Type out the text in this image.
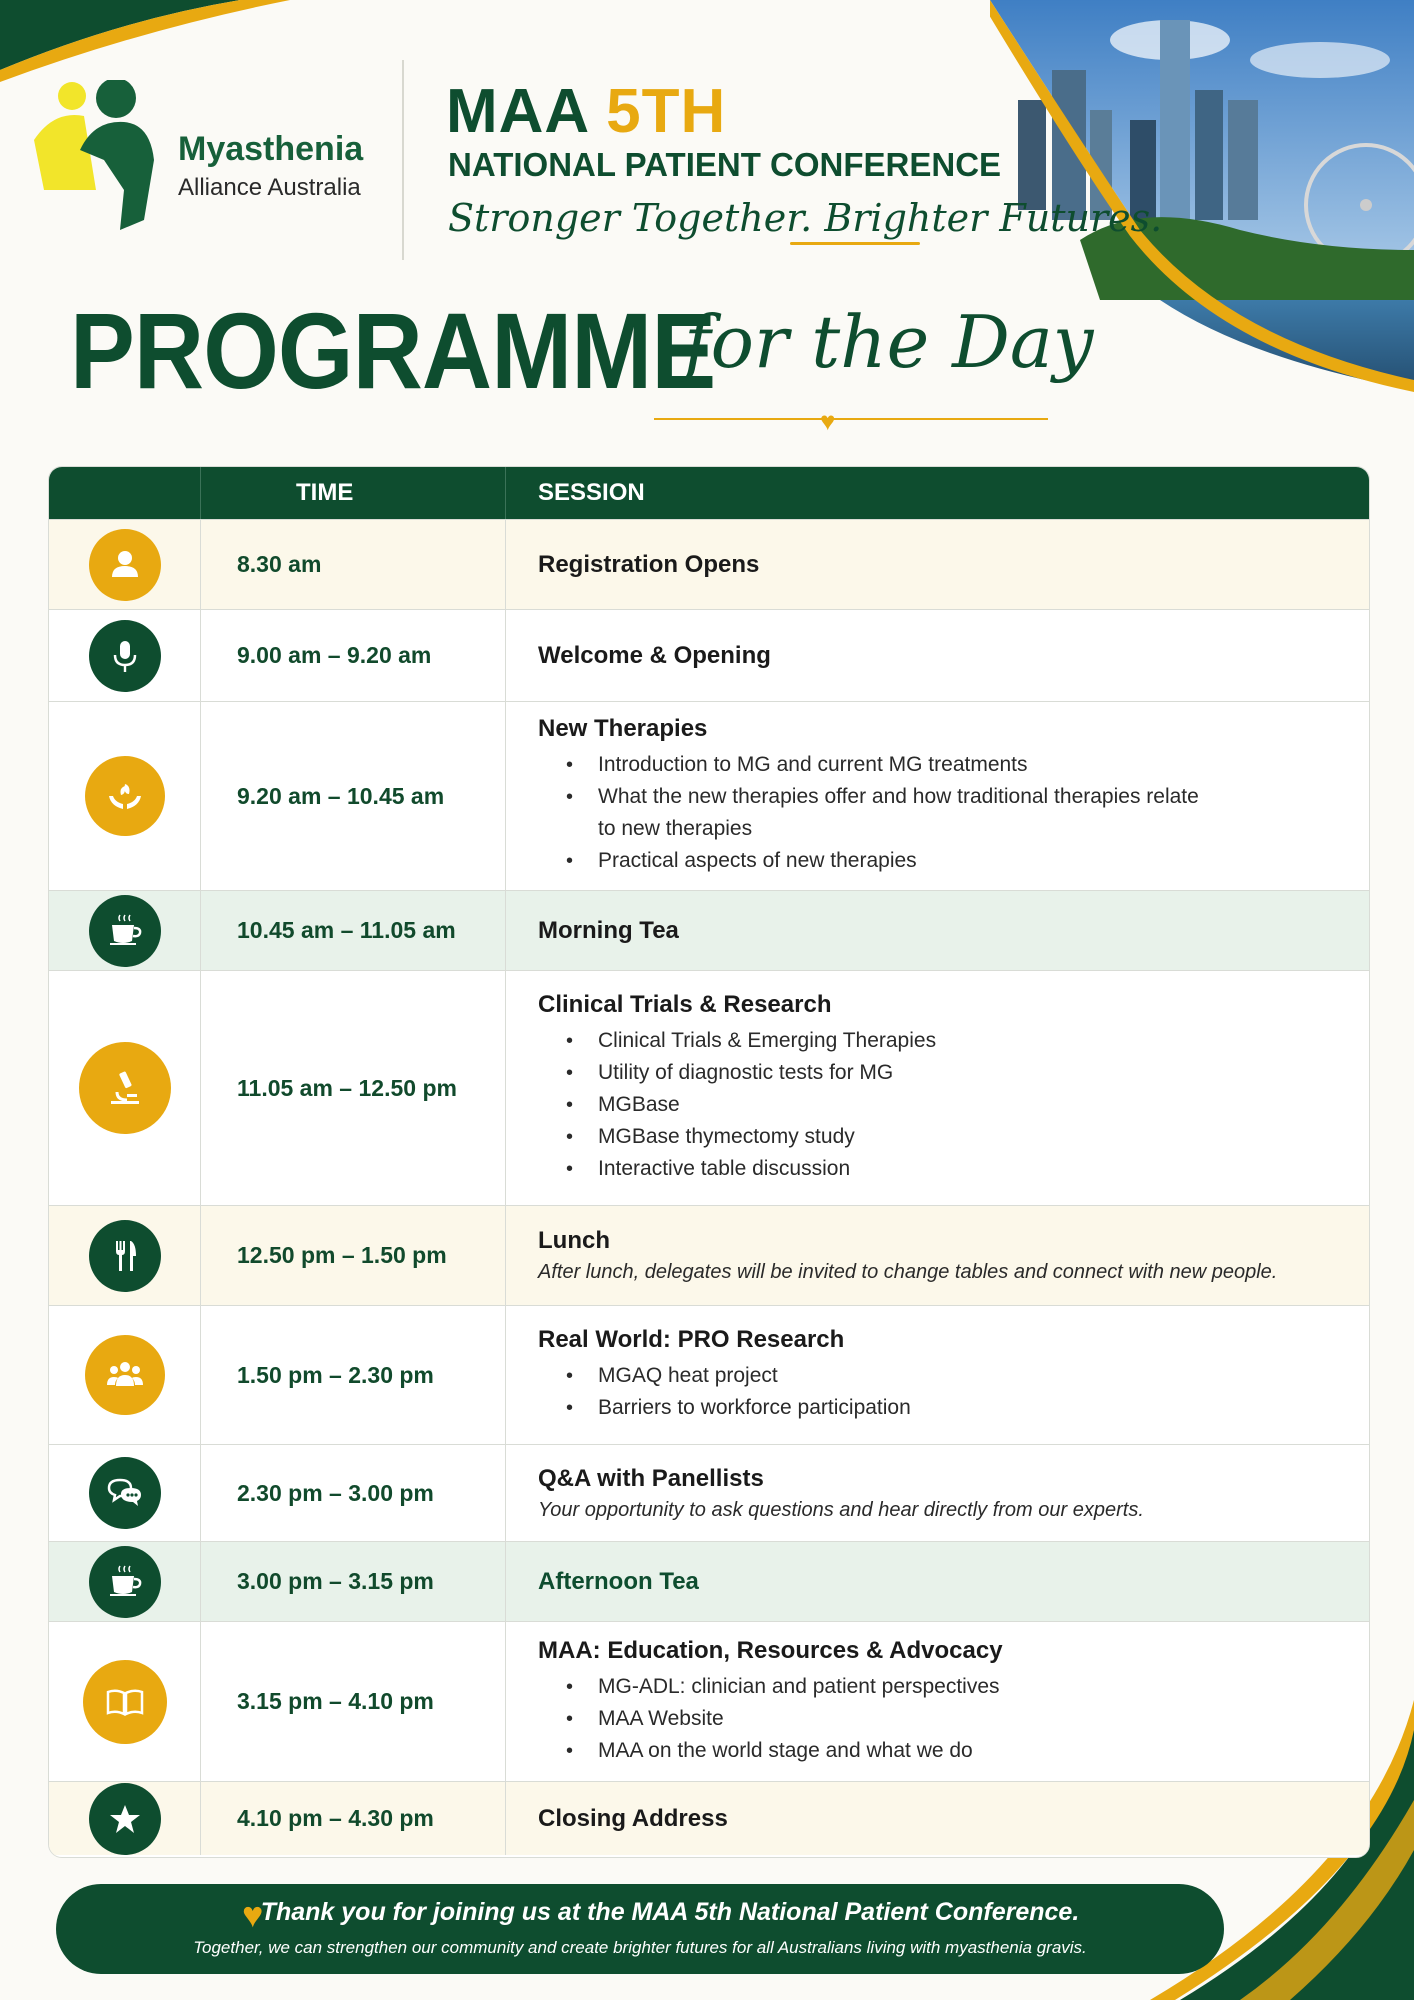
Myasthenia
Alliance Australia
MAA 5TH
NATIONAL PATIENT CONFERENCE
Stronger Together. Brighter Futures.
PROGRAMME
for the Day
♥
TIME	SESSION
8.30 am	Registration Opens
9.00 am – 9.20 am	Welcome & Opening
9.20 am – 10.45 am
New Therapies
• Introduction to MG and current MG treatments
• What the new therapies offer and how traditional therapies relate
to new therapies
• Practical aspects of new therapies
10.45 am – 11.05 am	Morning Tea
11.05 am – 12.50 pm
Clinical Trials & Research
• Clinical Trials & Emerging Therapies
• Utility of diagnostic tests for MG
• MGBase
• MGBase thymectomy study
• Interactive table discussion
12.50 pm – 1.50 pm
Lunch
After lunch, delegates will be invited to change tables and connect with new people.
1.50 pm – 2.30 pm
Real World: PRO Research
• MGAQ heat project
• Barriers to workforce participation
2.30 pm – 3.00 pm
Q&A with Panellists
Your opportunity to ask questions and hear directly from our experts.
3.00 pm – 3.15 pm	Afternoon Tea
3.15 pm – 4.10 pm
MAA: Education, Resources & Advocacy
• MG-ADL: clinician and patient perspectives
• MAA Website
• MAA on the world stage and what we do
4.10 pm – 4.30 pm	Closing Address
♥
Thank you for joining us at the MAA 5th National Patient Conference.
Together, we can strengthen our community and create brighter futures for all Australians living with myasthenia gravis.
